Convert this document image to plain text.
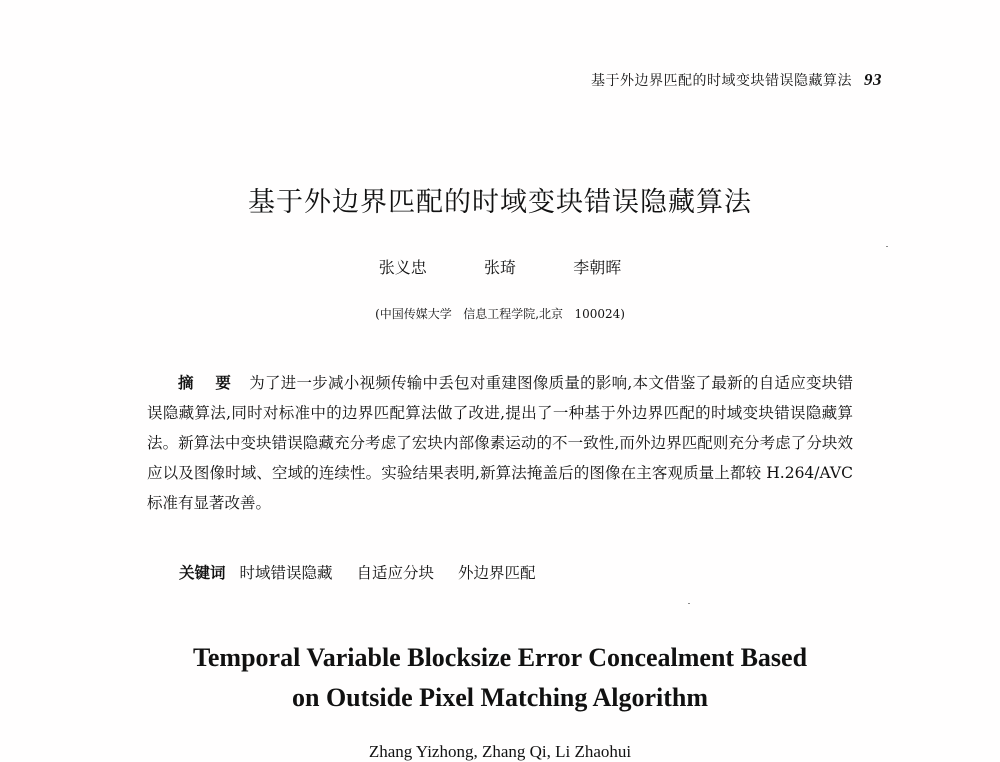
基于外边界匹配的时域变块错误隐藏算法 93
基于外边界匹配的时域变块错误隐藏算法
张义忠   张琦   李朝晖
(中国传媒大学   信息工程学院,北京   100024)

摘 要 为了进一步减小视频传输中丢包对重建图像质量的影响,本文借鉴了最新的自适应变块错误隐藏算法,同时对标准中的边界匹配算法做了改进,提出了一种基于外边界匹配的时域变块错误隐藏算法。新算法中变块错误隐藏充分考虑了宏块内部像素运动的不一致性,而外边界匹配则充分考虑了分块效应以及图像时域、空域的连续性。实验结果表明,新算法掩盖后的图像在主客观质量上都较 H.264/AVC 标准有显著改善。

关键词 时域错误隐藏 自适应分块 外边界匹配
Temporal Variable Blocksize Error Concealment Based
on Outside Pixel Matching Algorithm
Zhang Yizhong, Zhang Qi, Li Zhaohui
